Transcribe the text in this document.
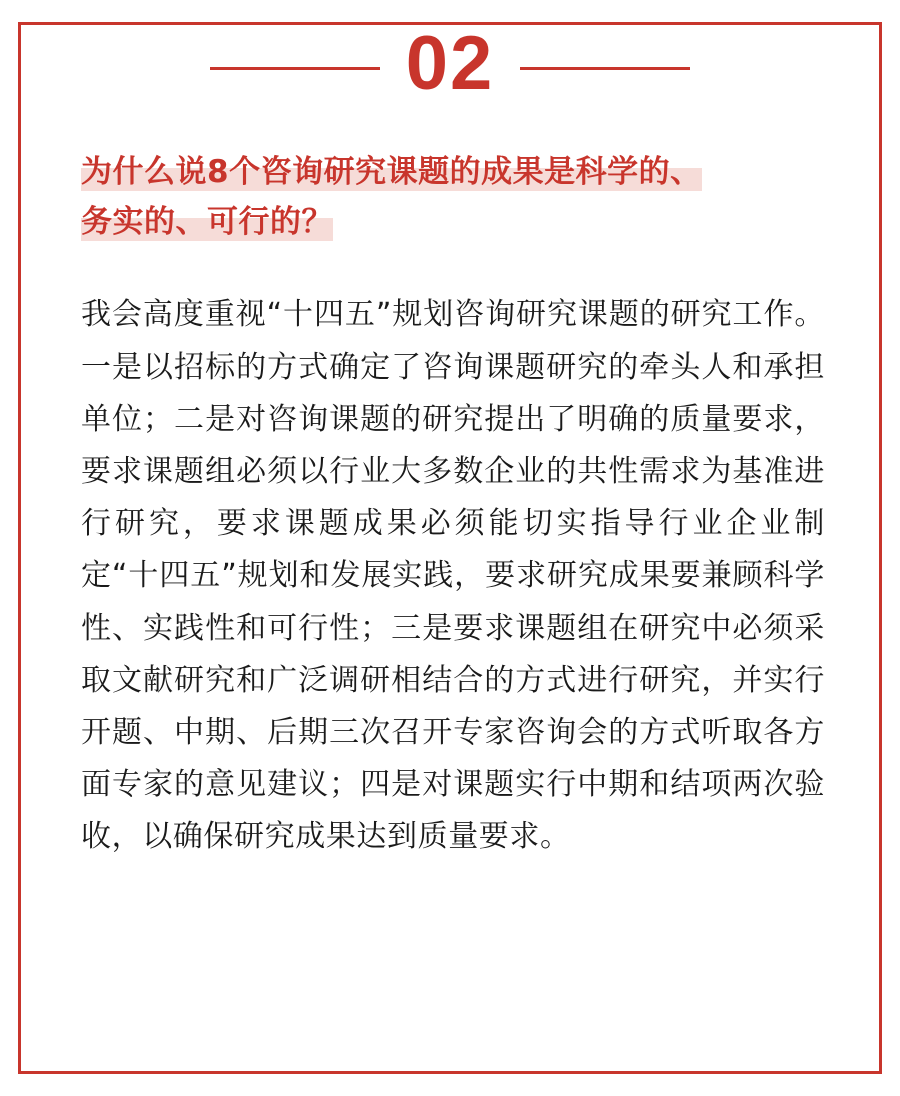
为什么说8个咨询研究课题的成果是科学的、
务实的、可行的？

我会高度重视“十四五”规划咨询研究课题的研究工作。一是以招标的方式确定了咨询课题研究的牵头人和承担单位；二是对咨询课题的研究提出了明确的质量要求，要求课题组必须以行业大多数企业的共性需求为基准进行研究，要求课题成果必须能切实指导行业企业制定“十四五”规划和发展实践，要求研究成果要兼顾科学性、实践性和可行性；三是要求课题组在研究中必须采取文献研究和广泛调研相结合的方式进行研究，并实行开题、中期、后期三次召开专家咨询会的方式听取各方面专家的意见建议；四是对课题实行中期和结项两次验收，以确保研究成果达到质量要求。

02
